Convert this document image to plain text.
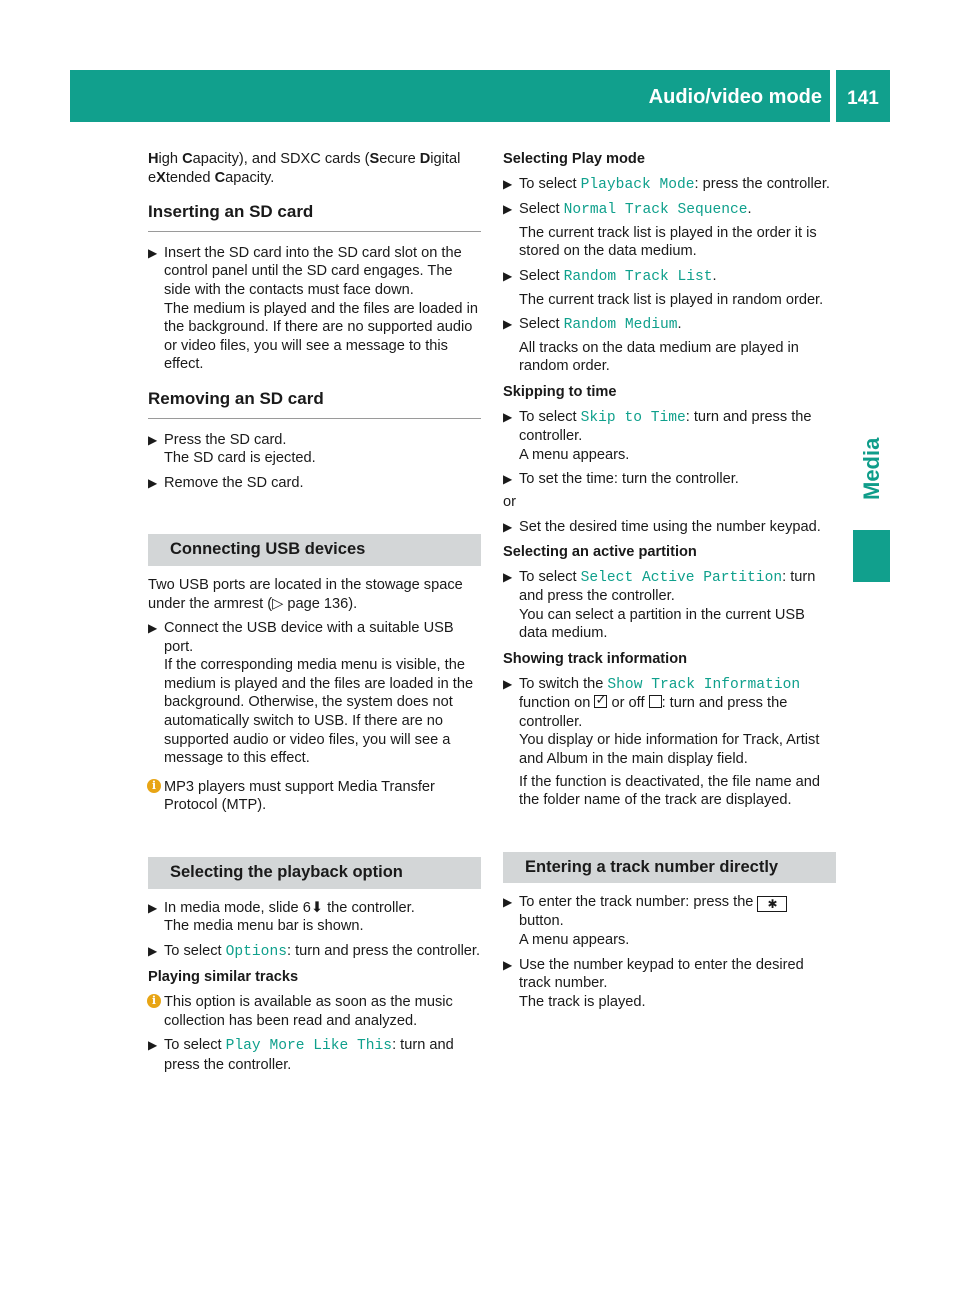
Audio/video mode	141
Media

High Capacity), and SDXC cards (Secure Digital eXtended Capacity.

Inserting an SD card
▶ Insert the SD card into the SD card slot on the control panel until the SD card engages. The side with the contacts must face down.

The medium is played and the files are loaded in the background. If there are no supported audio or video files, you will see a message to this effect.

Removing an SD card
▶ Press the SD card.

The SD card is ejected.

▶ Remove the SD card.

Connecting USB devices

Two USB ports are located in the stowage space under the armrest (▷ page 136).

▶ Connect the USB device with a suitable USB port.

If the corresponding media menu is visible, the medium is played and the files are loaded in the background. Otherwise, the system does not automatically switch to USB. If there are no supported audio or video files, you will see a message to this effect.

i MP3 players must support Media Transfer Protocol (MTP).

Selecting the playback option
▶ In media mode, slide 6⬇ the controller.

The media menu bar is shown.

▶ To select Options: turn and press the controller.

Playing similar tracks

i This option is available as soon as the music collection has been read and analyzed.

▶ To select Play More Like This: turn and press the controller.

Selecting Play mode

▶ To select Playback Mode: press the controller.

▶ Select Normal Track Sequence.

The current track list is played in the order it is stored on the data medium.

▶ Select Random Track List.

The current track list is played in random order.

▶ Select Random Medium.

All tracks on the data medium are played in random order.

Skipping to time

▶ To select Skip to Time: turn and press the controller.

A menu appears.

▶ To set the time: turn the controller.

or

▶ Set the desired time using the number keypad.

Selecting an active partition

▶ To select Select Active Partition: turn and press the controller.

You can select a partition in the current USB data medium.

Showing track information

▶ To switch the Show Track Information function on ✓ or off : turn and press the controller.

You display or hide information for Track, Artist and Album in the main display field.

If the function is deactivated, the file name and the folder name of the track are displayed.

Entering a track number directly
▶ To enter the track number: press the ✱ button.

A menu appears.

▶ Use the number keypad to enter the desired track number.

The track is played.
